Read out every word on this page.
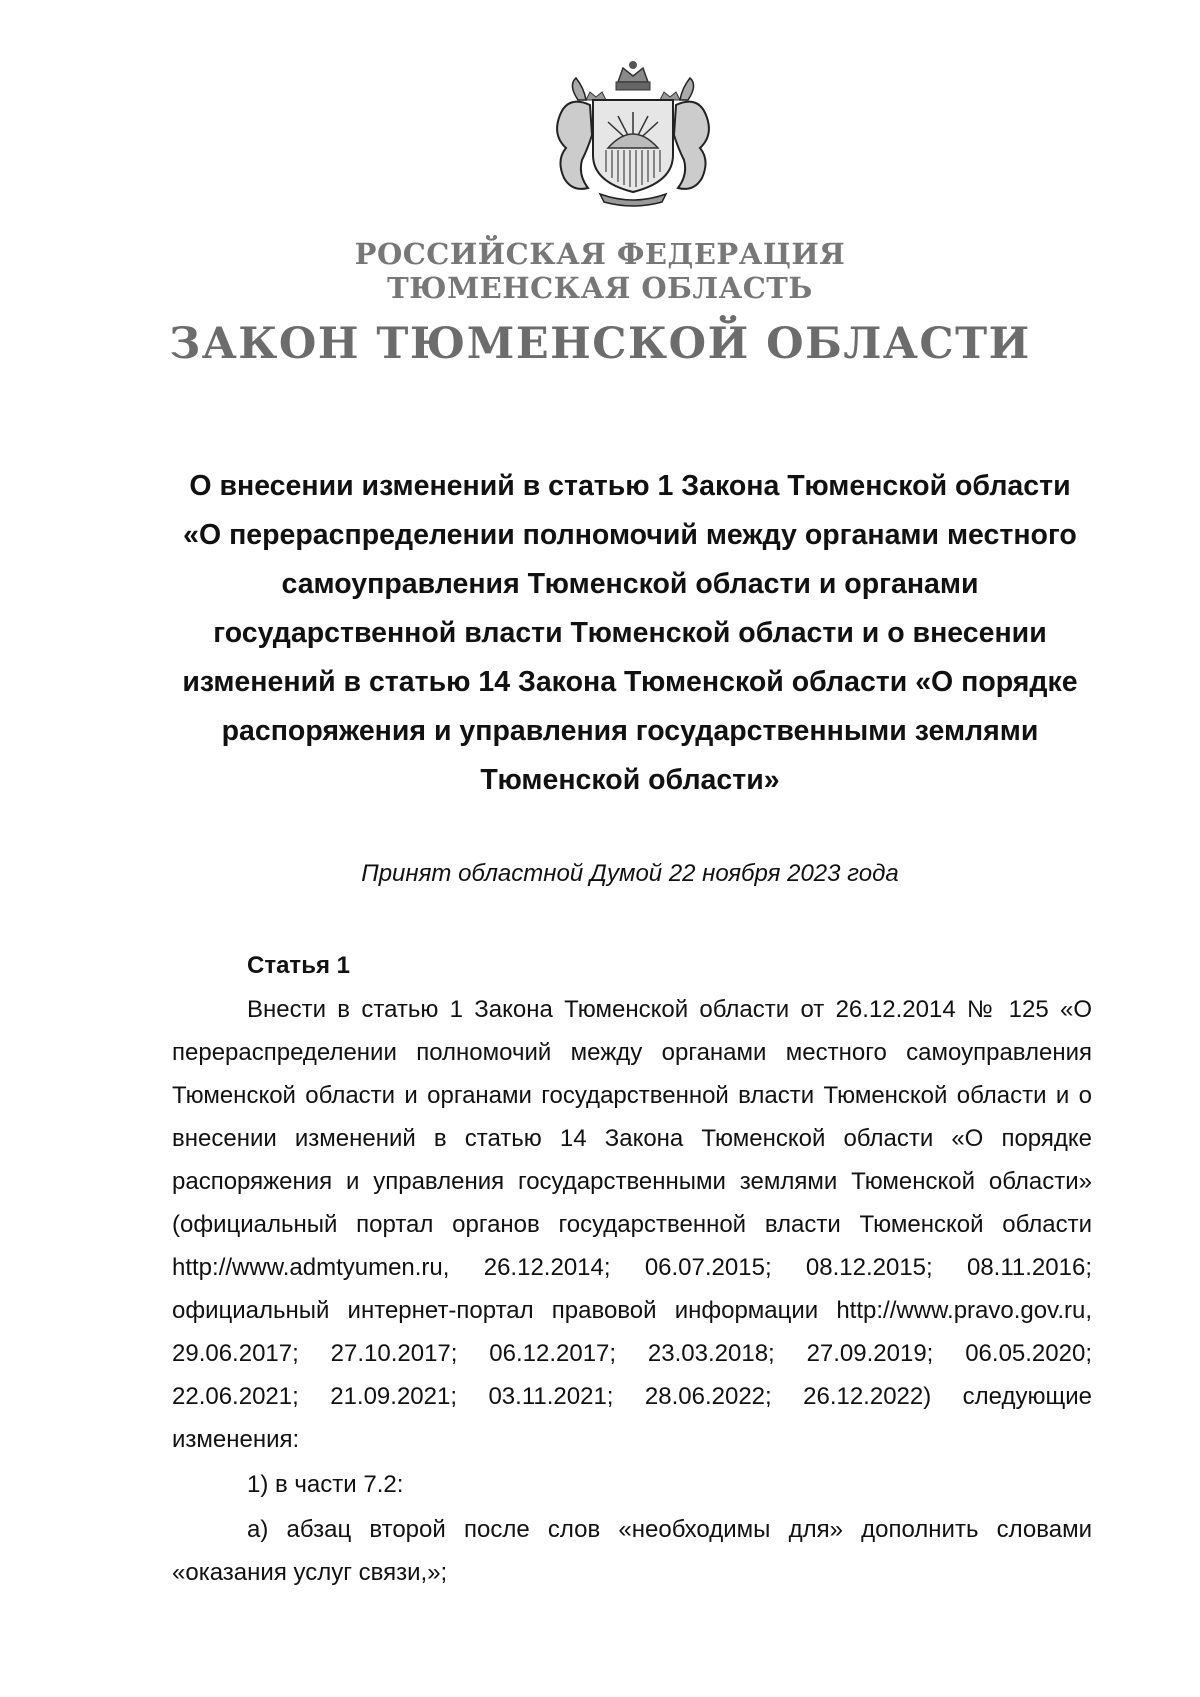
РОССИЙСКАЯ ФЕДЕРАЦИЯ
ТЮМЕНСКАЯ ОБЛАСТЬ
ЗАКОН ТЮМЕНСКОЙ ОБЛАСТИ
О внесении изменений в статью 1 Закона Тюменской области
«О перераспределении полномочий между органами местного
самоуправления Тюменской области и органами
государственной власти Тюменской области и о внесении
изменений в статью 14 Закона Тюменской области «О порядке
распоряжения и управления государственными землями
Тюменской области»
Принят областной Думой 22 ноября 2023 года
Статья 1

Внести в статью 1 Закона Тюменской области от 26.12.2014 № 125 «О перераспределении полномочий между органами местного самоуправления Тюменской области и органами государственной власти Тюменской области и о внесении изменений в статью 14 Закона Тюменской области «О порядке распоряжения и управления государственными землями Тюменской области» (официальный портал органов государственной власти Тюменской области http://www.admtyumen.ru, 26.12.2014; 06.07.2015; 08.12.2015; 08.11.2016; официальный интернет-портал правовой информации http://www.pravo.gov.ru, 29.06.2017; 27.10.2017; 06.12.2017; 23.03.2018; 27.09.2019; 06.05.2020; 22.06.2021; 21.09.2021; 03.11.2021; 28.06.2022; 26.12.2022) следующие изменения:

1) в части 7.2:

а) абзац второй после слов «необходимы для» дополнить словами «оказания услуг связи,»;
